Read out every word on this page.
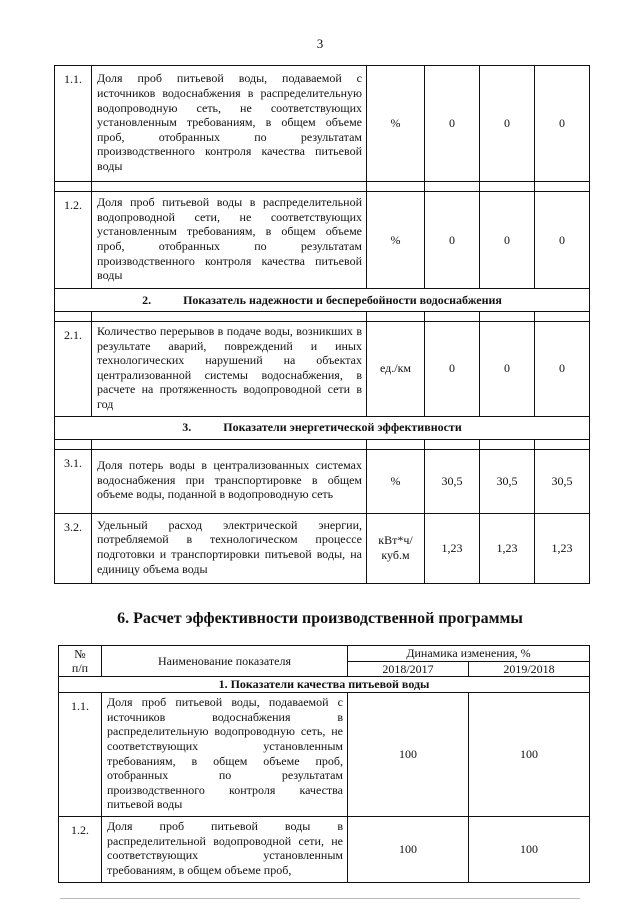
3
1.1.	Доля проб питьевой воды, подаваемой с источников водоснабжения в распределительную водопроводную сеть, не соответствующих установленным требованиям, в общем объеме проб, отобранных по результатам производственного контроля качества питьевой воды	%	0	0	0

1.2.	Доля проб питьевой воды в распределительной водопроводной сети, не соответствующих установленным требованиям, в общем объеме проб, отобранных по результатам производственного контроля качества питьевой воды	%	0	0	0
2. Показатель надежности и бесперебойности водоснабжения					

2.1.	Количество перерывов в подаче воды, возникших в результате аварий, повреждений и иных технологических нарушений на объектах централизованной системы водоснабжения, в расчете на протяженность водопроводной сети в год	ед./км	0	0	0
3. Показатели энергетической эффективности					

3.1.	Доля потерь воды в централизованных системах водоснабжения при транспортировке в общем объеме воды, поданной в водопроводную сеть	%	30,5	30,5	30,5
3.2.	Удельный расход электрической энергии, потребляемой в технологическом процессе подготовки и транспортировки питьевой воды, на единицу объема воды	кВт*ч/
куб.м	1,23	1,23	1,23
6. Расчет эффективности производственной программы
№
п/п	Наименование показателя	Динамика изменения, %	
		2018/2017	2019/2018
1. Показатели качества питьевой воды			
1.1.	Доля проб питьевой воды, подаваемой с источников водоснабжения в распределительную водопроводную сеть, не соответствующих установленным требованиям, в общем объеме проб, отобранных по результатам производственного контроля качества питьевой воды	100	100
1.2.	Доля проб питьевой воды в распределительной водопроводной сети, не соответствующих установленным требованиям, в общем объеме проб,	100	100
